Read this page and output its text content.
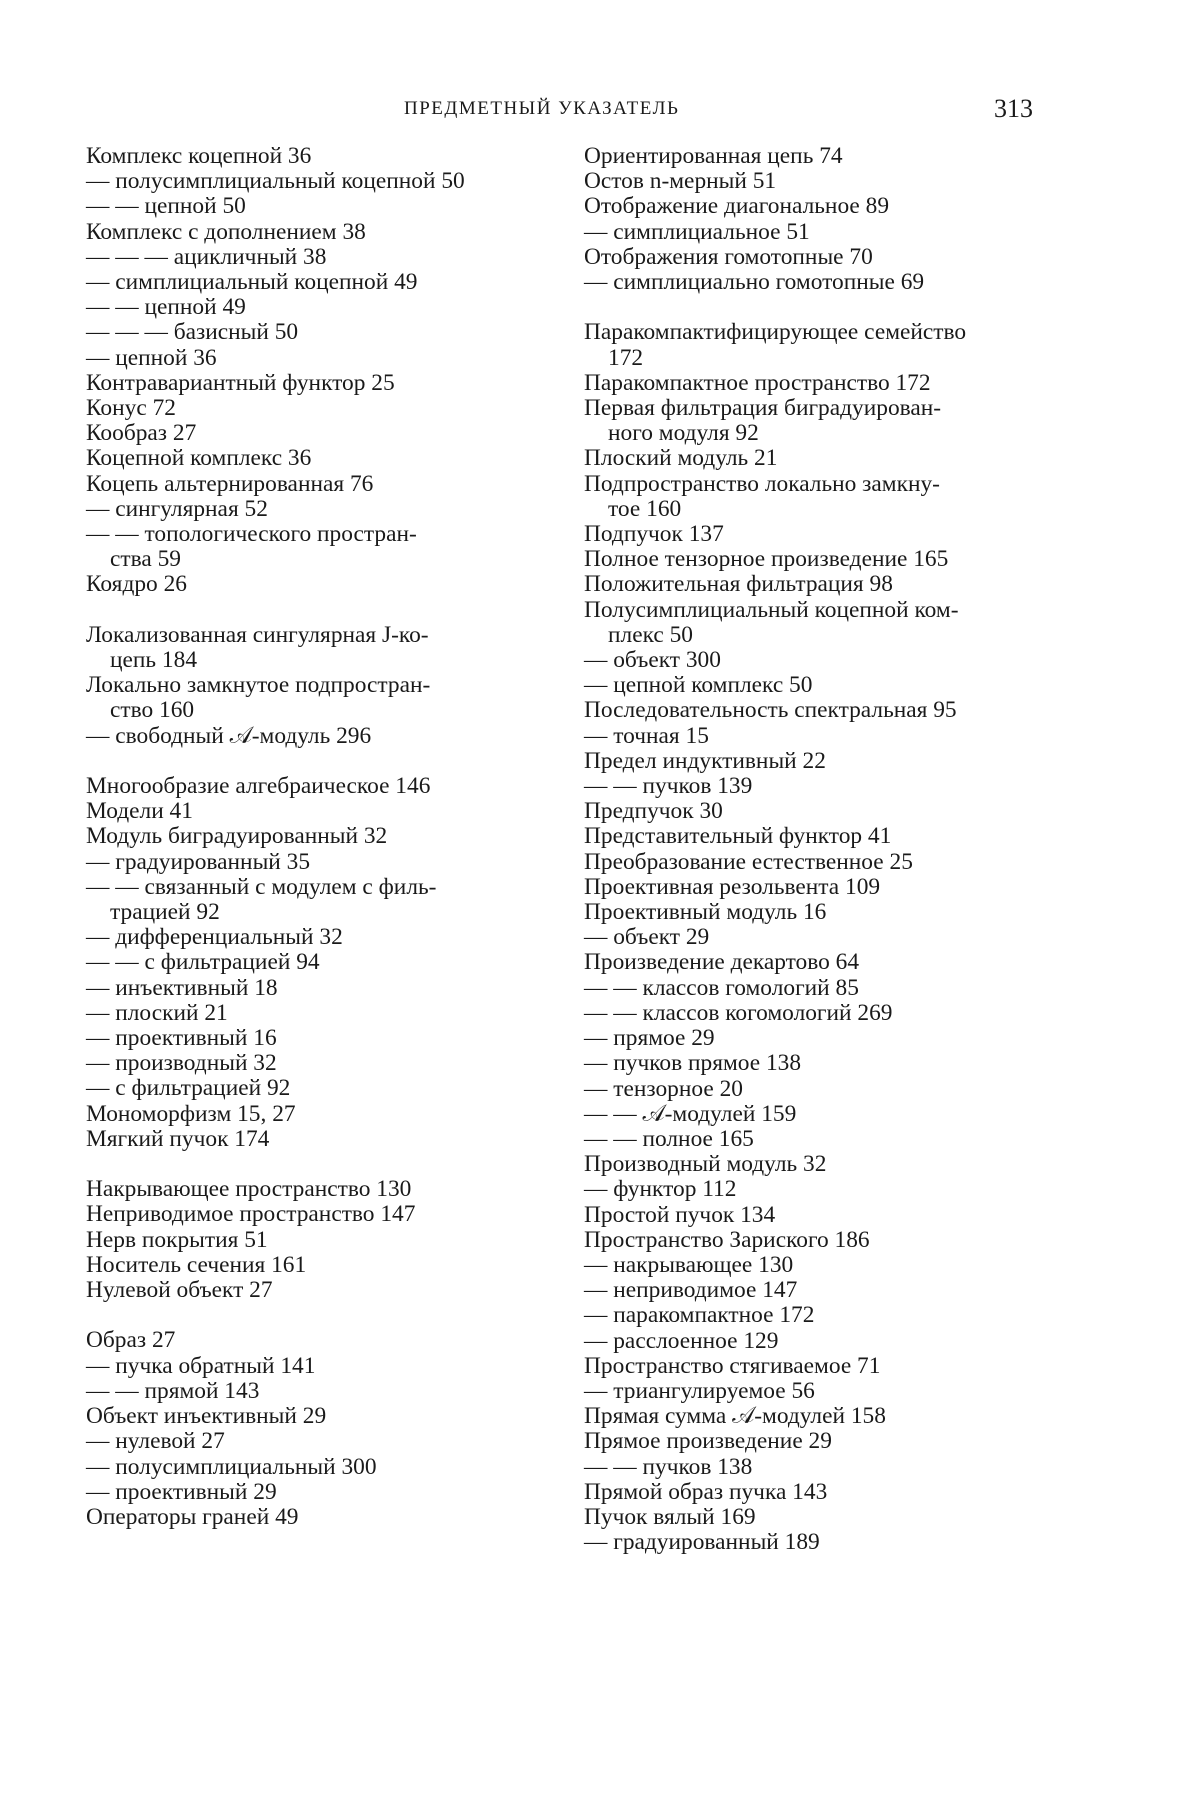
ПРЕДМЕТНЫЙ УКАЗАТЕЛЬ	313
Комплекс коцепной 36
— полусимплициальный коцепной 50
— — цепной 50
Комплекс с дополнением 38
— — — ацикличный 38
— симплициальный коцепной 49
— — цепной 49
— — — базисный 50
— цепной 36
Контравариантный функтор 25
Конус 72
Кообраз 27
Коцепной комплекс 36
Коцепь альтернированная 76
— сингулярная 52
— — топологического простран-
ства 59
Коядро 26
Локализованная сингулярная J-ко-
цепь 184
Локально замкнутое подпростран-
ство 160
— свободный 𝒜-модуль 296
Многообразие алгебраическое 146
Модели 41
Модуль биградуированный 32
— градуированный 35
— — связанный с модулем с филь-
трацией 92
— дифференциальный 32
— — с фильтрацией 94
— инъективный 18
— плоский 21
— проективный 16
— производный 32
— с фильтрацией 92
Мономорфизм 15, 27
Мягкий пучок 174
Накрывающее пространство 130
Неприводимое пространство 147
Нерв покрытия 51
Носитель сечения 161
Нулевой объект 27
Образ 27
— пучка обратный 141
— — прямой 143
Объект инъективный 29
— нулевой 27
— полусимплициальный 300
— проективный 29
Операторы граней 49
Ориентированная цепь 74
Остов n-мерный 51
Отображение диагональное 89
— симплициальное 51
Отображения гомотопные 70
— симплициально гомотопные 69
Паракомпактифицирующее семейство
172
Паракомпактное пространство 172
Первая фильтрация биградуирован-
ного модуля 92
Плоский модуль 21
Подпространство локально замкну-
тое 160
Подпучок 137
Полное тензорное произведение 165
Положительная фильтрация 98
Полусимплициальный коцепной ком-
плекс 50
— объект 300
— цепной комплекс 50
Последовательность спектральная 95
— точная 15
Предел индуктивный 22
— — пучков 139
Предпучок 30
Представительный функтор 41
Преобразование естественное 25
Проективная резольвента 109
Проективный модуль 16
— объект 29
Произведение декартово 64
— — классов гомологий 85
— — классов когомологий 269
— прямое 29
— пучков прямое 138
— тензорное 20
— — 𝒜-модулей 159
— — полное 165
Производный модуль 32
— функтор 112
Простой пучок 134
Пространство Зариского 186
— накрывающее 130
— неприводимое 147
— паракомпактное 172
— расслоенное 129
Пространство стягиваемое 71
— триангулируемое 56
Прямая сумма 𝒜-модулей 158
Прямое произведение 29
— — пучков 138
Прямой образ пучка 143
Пучок вялый 169
— градуированный 189
